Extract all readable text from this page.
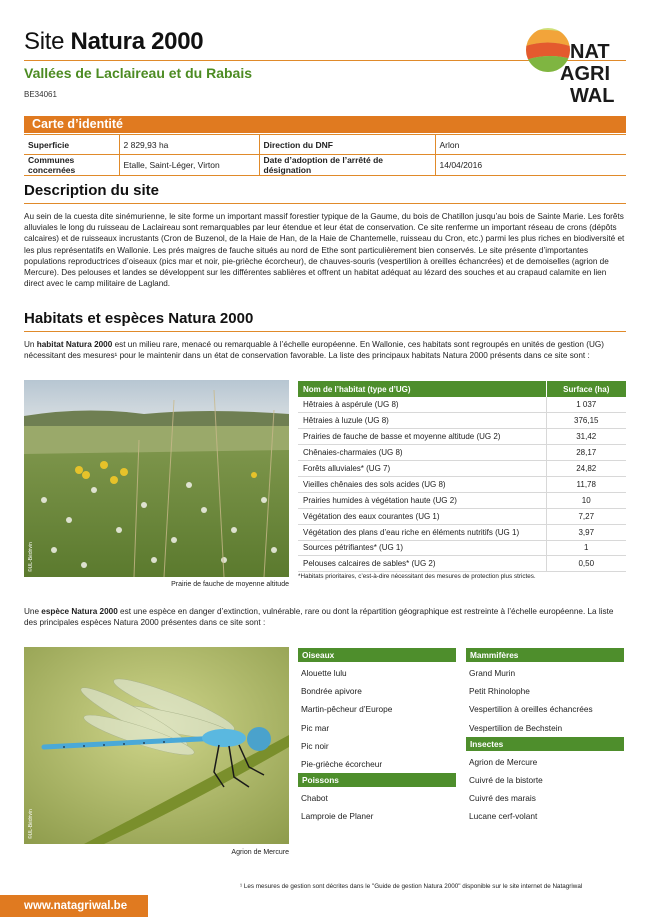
Site Natura 2000
Vallées de Laclaireau et du Rabais
BE34061
NAT
AGRI
WAL
Carte d’identité
Superficie	2 829,93 ha	Direction du DNF	Arlon
Communes concernées	Etalle, Saint-Léger, Virton	Date d’adoption de l’arrêté de désignation	14/04/2016
Description du site
Au sein de la cuesta dite sinémurienne, le site forme un important massif forestier typique de la Gaume, du bois de Chatillon jusqu’au bois de Sainte Marie. Les forêts alluviales le long du ruisseau de Laclaireau sont remarquables par leur étendue et leur état de conservation. Ce site renferme un important réseau de crons (dépôts calcaires) et de ruisseaux incrustants (Cron de Buzenol, de la Haie de Han, de la Haie de Chantemelle, ruisseau du Cron, etc.) parmi les plus riches en biodiversité et les plus représentatifs en Wallonie. Les prés maigres de fauche situés au nord de Ethe sont particulièrement bien conservés. Le site présente d’importantes populations reproductrices d’oiseaux (pics mar et noir, pie-grièche écorcheur), de chauves-souris (vespertilion à oreilles échancrées) et de demoiselles (agrion de Mercure). Des pelouses et landes se développent sur les différentes sablières et offrent un habitat adéquat au lézard des souches et au crapaud calamite en lien direct avec le camp militaire de Lagland.
Habitats et espèces Natura 2000
Un habitat Natura 2000 est un milieu rare, menacé ou remarquable à l’échelle européenne. En Wallonie, ces habitats sont regroupés en unités de gestion (UG) nécessitant des mesures¹ pour le maintenir dans un état de conservation favorable. La liste des principaux habitats Natura 2000 présents dans ce site sont :
©UL-Bédrivin
Prairie de fauche de moyenne altitude
Nom de l’habitat (type d’UG)	Surface (ha)
Hêtraies à aspérule (UG 8)	1 037
Hêtraies à luzule (UG 8)	376,15
Prairies de fauche de basse et moyenne altitude (UG 2)	31,42
Chênaies-charmaies (UG 8)	28,17
Forêts alluviales* (UG 7)	24,82
Vieilles chênaies des sols acides (UG 8)	11,78
Prairies humides à végétation haute (UG 2)	10
Végétation des eaux courantes (UG 1)	7,27
Végétation des plans d’eau riche en éléments nutritifs (UG 1)	3,97
Sources pétrifiantes* (UG 1)	1
Pelouses calcaires de sables* (UG 2)	0,50
*Habitats prioritaires, c’est-à-dire nécessitant des mesures de protection plus strictes.
Une espèce Natura 2000 est une espèce en danger d’extinction, vulnérable, rare ou dont la répartition géographique est restreinte à l’échelle européenne. La liste des principales espèces Natura 2000 présentes dans ce site sont :
©UL-Bédrivin
Agrion de Mercure
Oiseaux
Alouette lulu
Bondrée apivore
Martin-pêcheur d’Europe
Pic mar
Pic noir
Pie-grièche écorcheur
Poissons
Chabot
Lamproie de Planer
Mammifères
Grand Murin
Petit Rhinolophe
Vespertilion à oreilles échancrées
Vespertilion de Bechstein
Insectes
Agrion de Mercure
Cuivré de la bistorte
Cuivré des marais
Lucane cerf-volant
¹ Les mesures de gestion sont décrites dans le "Guide de gestion Natura 2000" disponible sur le site internet de Natagriwal
www.natagriwal.be
